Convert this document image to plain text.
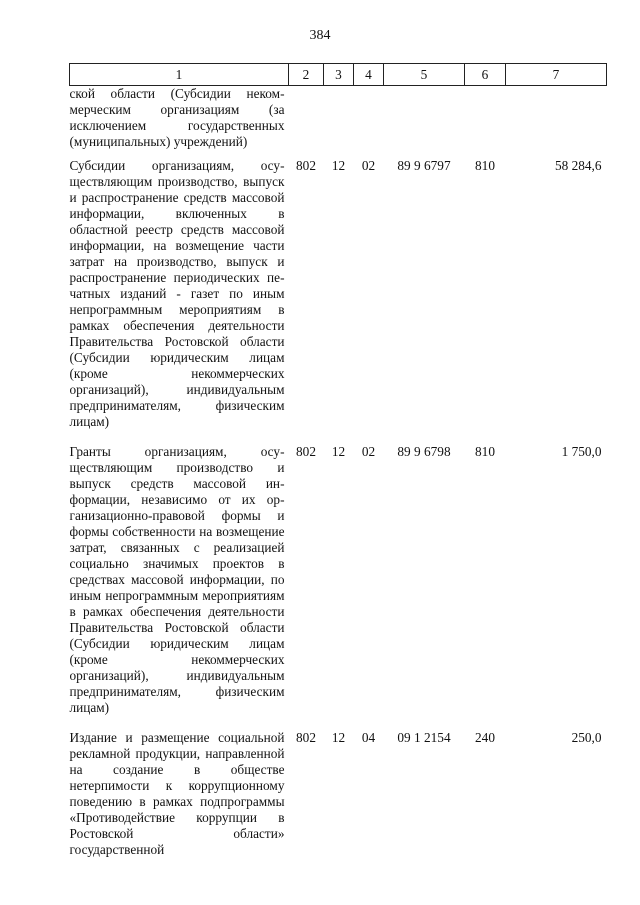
384
1	2	3	4	5	6	7
ской области (Субсидии некоммерческим организациям (за исключением государственных (муниципальных) учреждений)						
Субсидии организациям, осуществляющим производство, выпуск и распространение средств массовой информации, включенных в областной реестр средств массовой информации, на возмещение части затрат на производство, выпуск и распространение периодических печатных изданий - газет по иным непрограммным мероприятиям в рамках обеспечения деятельности Правительства Ростовской области (Субсидии юридическим лицам (кроме некоммерческих организаций), индивидуальным предпринимателям, физическим лицам)	802	12	02	89 9 6797	810	58 284,6
Гранты организациям, осуществляющим производство и выпуск средств массовой информации, независимо от их организационно-правовой формы и формы собственности на возмещение затрат, связанных с реализацией социально значимых проектов в средствах массовой информации, по иным непрограммным мероприятиям в рамках обеспечения деятельности Правительства Ростовской области (Субсидии юридическим лицам (кроме некоммерческих организаций), индивидуальным предпринимателям, физическим лицам)	802	12	02	89 9 6798	810	1 750,0
Издание и размещение социальной рекламной продукции, направленной на создание в обществе нетерпимости к коррупционному поведению в рамках подпрограммы «Противодействие коррупции в Ростовской области» государственной	802	12	04	09 1 2154	240	250,0
